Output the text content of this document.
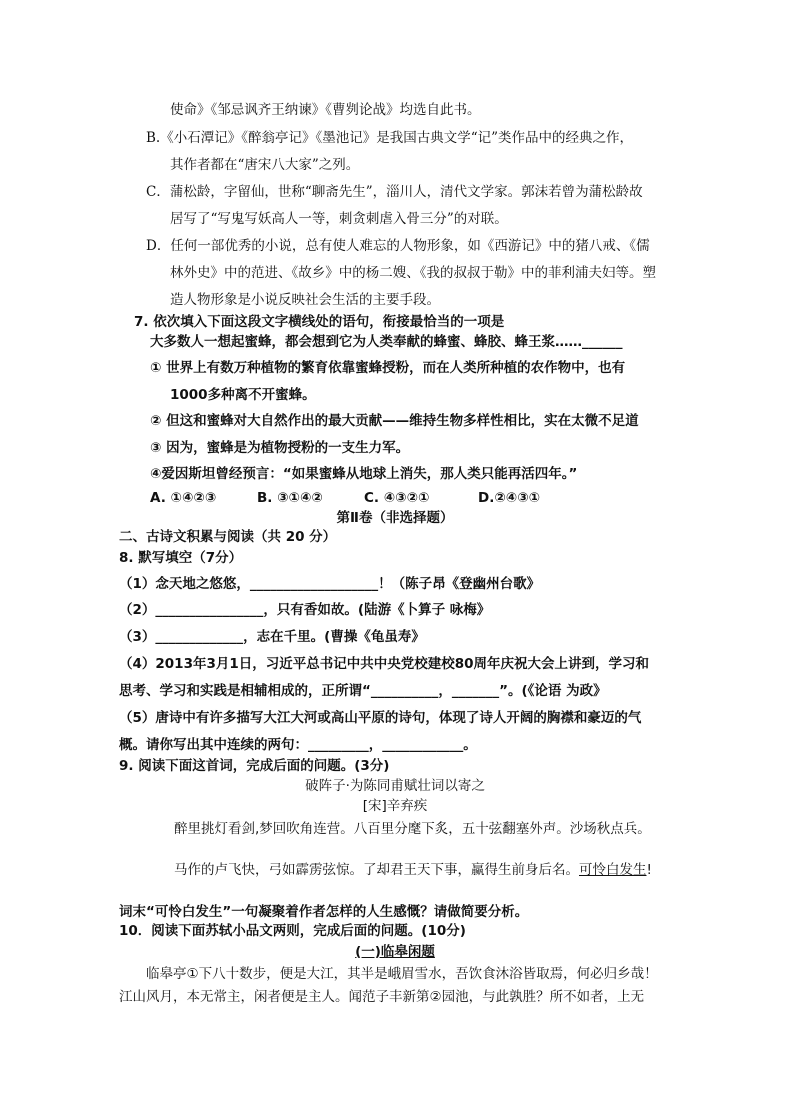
使命》《邹忌讽齐王纳谏》《曹刿论战》均选自此书。
B.《小石潭记》《醉翁亭记》《墨池记》是我国古典文学“记”类作品中的经典之作，
其作者都在“唐宋八大家”之列。
C．蒲松龄，字留仙，世称“聊斋先生”，淄川人，清代文学家。郭沫若曾为蒲松龄故
居写了“写鬼写妖高人一等，刺贪刺虐入骨三分”的对联。
D．任何一部优秀的小说，总有使人难忘的人物形象，如《西游记》中的猪八戒、《儒
林外史》中的范进、《故乡》中的杨二嫂、《我的叔叔于勒》中的菲利浦夫妇等。塑
造人物形象是小说反映社会生活的主要手段。
7. 依次填入下面这段文字横线处的语句，衔接最恰当的一项是
大多数人一想起蜜蜂，都会想到它为人类奉献的蜂蜜、蜂胶、蜂王浆……______
① 世界上有数万种植物的繁育依靠蜜蜂授粉，而在人类所种植的农作物中，也有
1000多种离不开蜜蜂。
② 但这和蜜蜂对大自然作出的最大贡献——维持生物多样性相比，实在太微不足道
③ 因为，蜜蜂是为植物授粉的一支生力军。
④爱因斯坦曾经预言：“如果蜜蜂从地球上消失，那人类只能再活四年。”
A. ①④②③	B. ③①④②	C. ④③②①	D.②④③①
第Ⅱ卷（非选择题）
二、古诗文积累与阅读（共 20 分）
8. 默写填空（7分）
（1）念天地之悠悠，___________________！（陈子昂《登幽州台歌》
（2）________________，只有香如故。(陆游《卜算子 咏梅》
（3）_____________，志在千里。(曹操《龟虽寿》
（4）2013年3月1日，习近平总书记中共中央党校建校80周年庆祝大会上讲到，学习和
思考、学习和实践是相辅相成的，正所谓“__________，_______”。(《论语 为政》
（5）唐诗中有许多描写大江大河或高山平原的诗句，体现了诗人开阔的胸襟和豪迈的气
概。请你写出其中连续的两句：_________，____________。
9. 阅读下面这首词，完成后面的问题。(3分)
破阵子·为陈同甫赋壮词以寄之
[宋]辛弃疾
醉里挑灯看剑,梦回吹角连营。八百里分麾下炙，五十弦翻塞外声。沙场秋点兵。
马作的卢飞快，弓如霹雳弦惊。了却君王天下事，赢得生前身后名。可怜白发生!
词末“可怜白发生”一句凝聚着作者怎样的人生感慨？请做简要分析。
10．阅读下面苏轼小品文两则，完成后面的问题。(10分)
(一)临皋闲题
临皋亭①下八十数步，便是大江，其半是峨眉雪水，吾饮食沐浴皆取焉，何必归乡哉！
江山风月，本无常主，闲者便是主人。闻范子丰新第②园池，与此孰胜？所不如者，上无
